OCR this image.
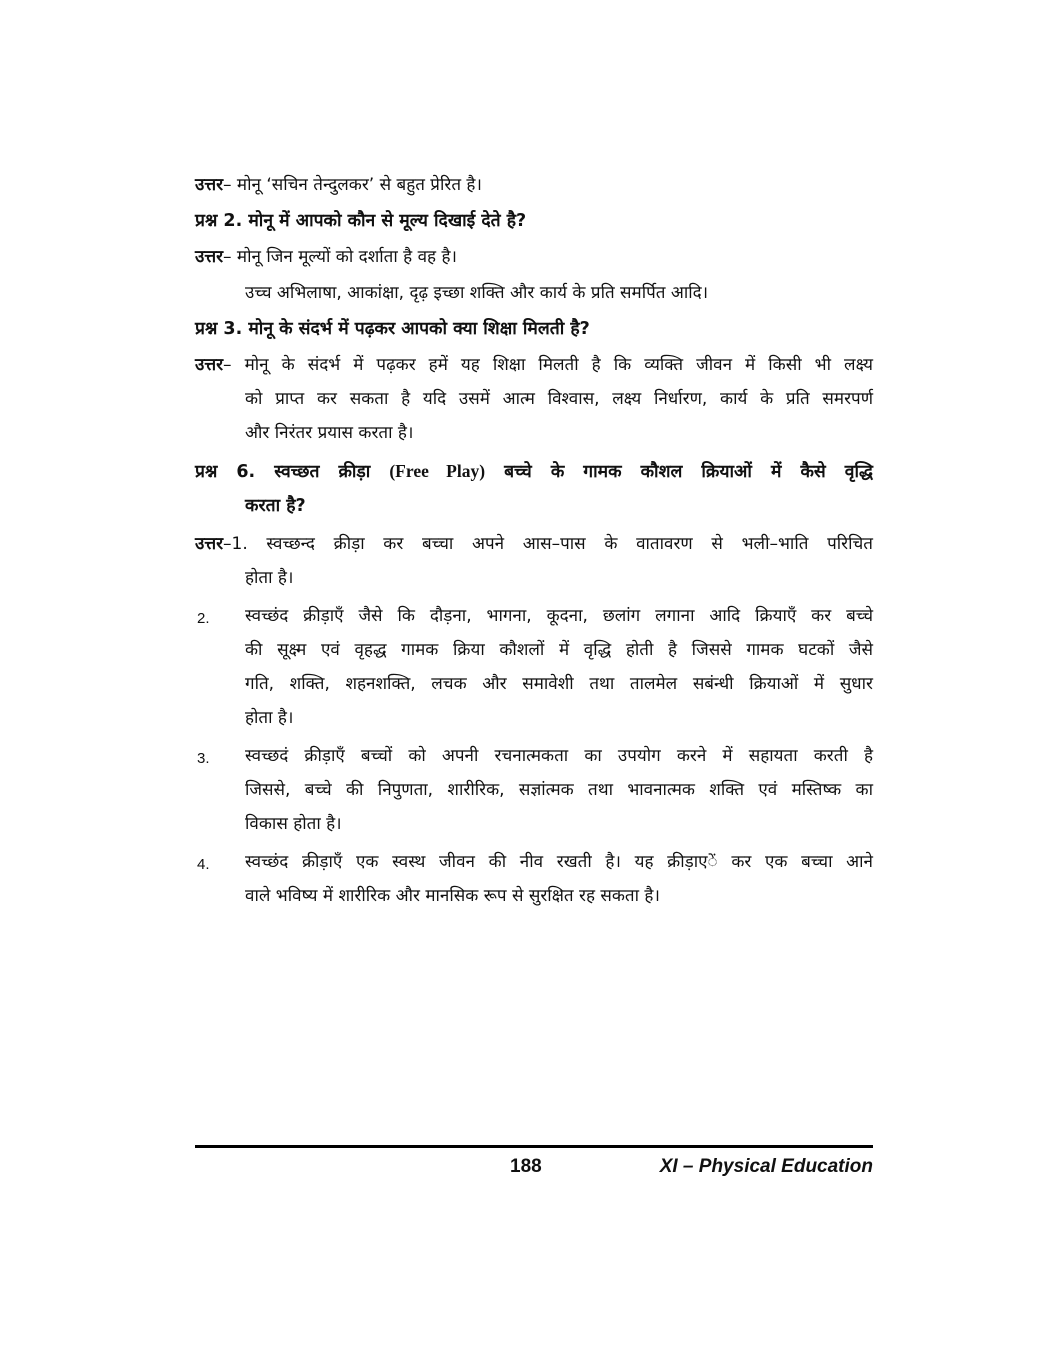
उत्तर– मोनू ‘सचिन तेन्दुलकर’ से बहुत प्रेरित है।
प्रश्न 2. मोनू में आपको कौन से मूल्य दिखाई देते है?
उत्तर– मोनू जिन मूल्यों को दर्शाता है वह है।
उच्च अभिलाषा, आकांक्षा, दृढ़ इच्छा शक्ति और कार्य के प्रति समर्पित आदि।
प्रश्न 3. मोनू के संदर्भ में पढ़कर आपको क्या शिक्षा मिलती है?
उत्तर– मोनू के संदर्भ में पढ़कर हमें यह शिक्षा मिलती है कि व्यक्ति जीवन में किसी भी लक्ष्य
को प्राप्त कर सकता है यदि उसमें आत्म विश्वास, लक्ष्य निर्धारण, कार्य के प्रति समरपर्ण
और निरंतर प्रयास करता है।
प्रश्न 6. स्वच्छत क्रीड़ा (Free Play) बच्चे के गामक कौशल क्रियाओं में कैसे वृद्धि
करता है?
उत्तर–1. स्वच्छन्द क्रीड़ा कर बच्चा अपने आस–पास के वातावरण से भली–भाति परिचित
होता है।
2. स्वच्छंद क्रीड़ाएँ जैसे कि दौड़ना, भागना, कूदना, छलांग लगाना आदि क्रियाएँ कर बच्चे
की सूक्ष्म एवं वृहद्ध गामक क्रिया कौशलों में वृद्धि होती है जिससे गामक घटकों जैसे
गति, शक्ति, शहनशक्ति, लचक और समावेशी तथा तालमेल सबंन्धी क्रियाओं में सुधार
होता है।
3. स्वच्छदं क्रीड़ाएँ बच्चों को अपनी रचनात्मकता का उपयोग करने में सहायता करती है
जिससे, बच्चे की निपुणता, शारीरिक, सज्ञांत्मक तथा भावनात्मक शक्ति एवं मस्तिष्क का
विकास होता है।
4. स्वच्छंद क्रीड़ाएँ एक स्वस्थ जीवन की नीव रखती है। यह क्रीड़ाएें कर एक बच्चा आने
वाले भविष्य में शारीरिक और मानसिक रूप से सुरक्षित रह सकता है।
188	XI – Physical Education
